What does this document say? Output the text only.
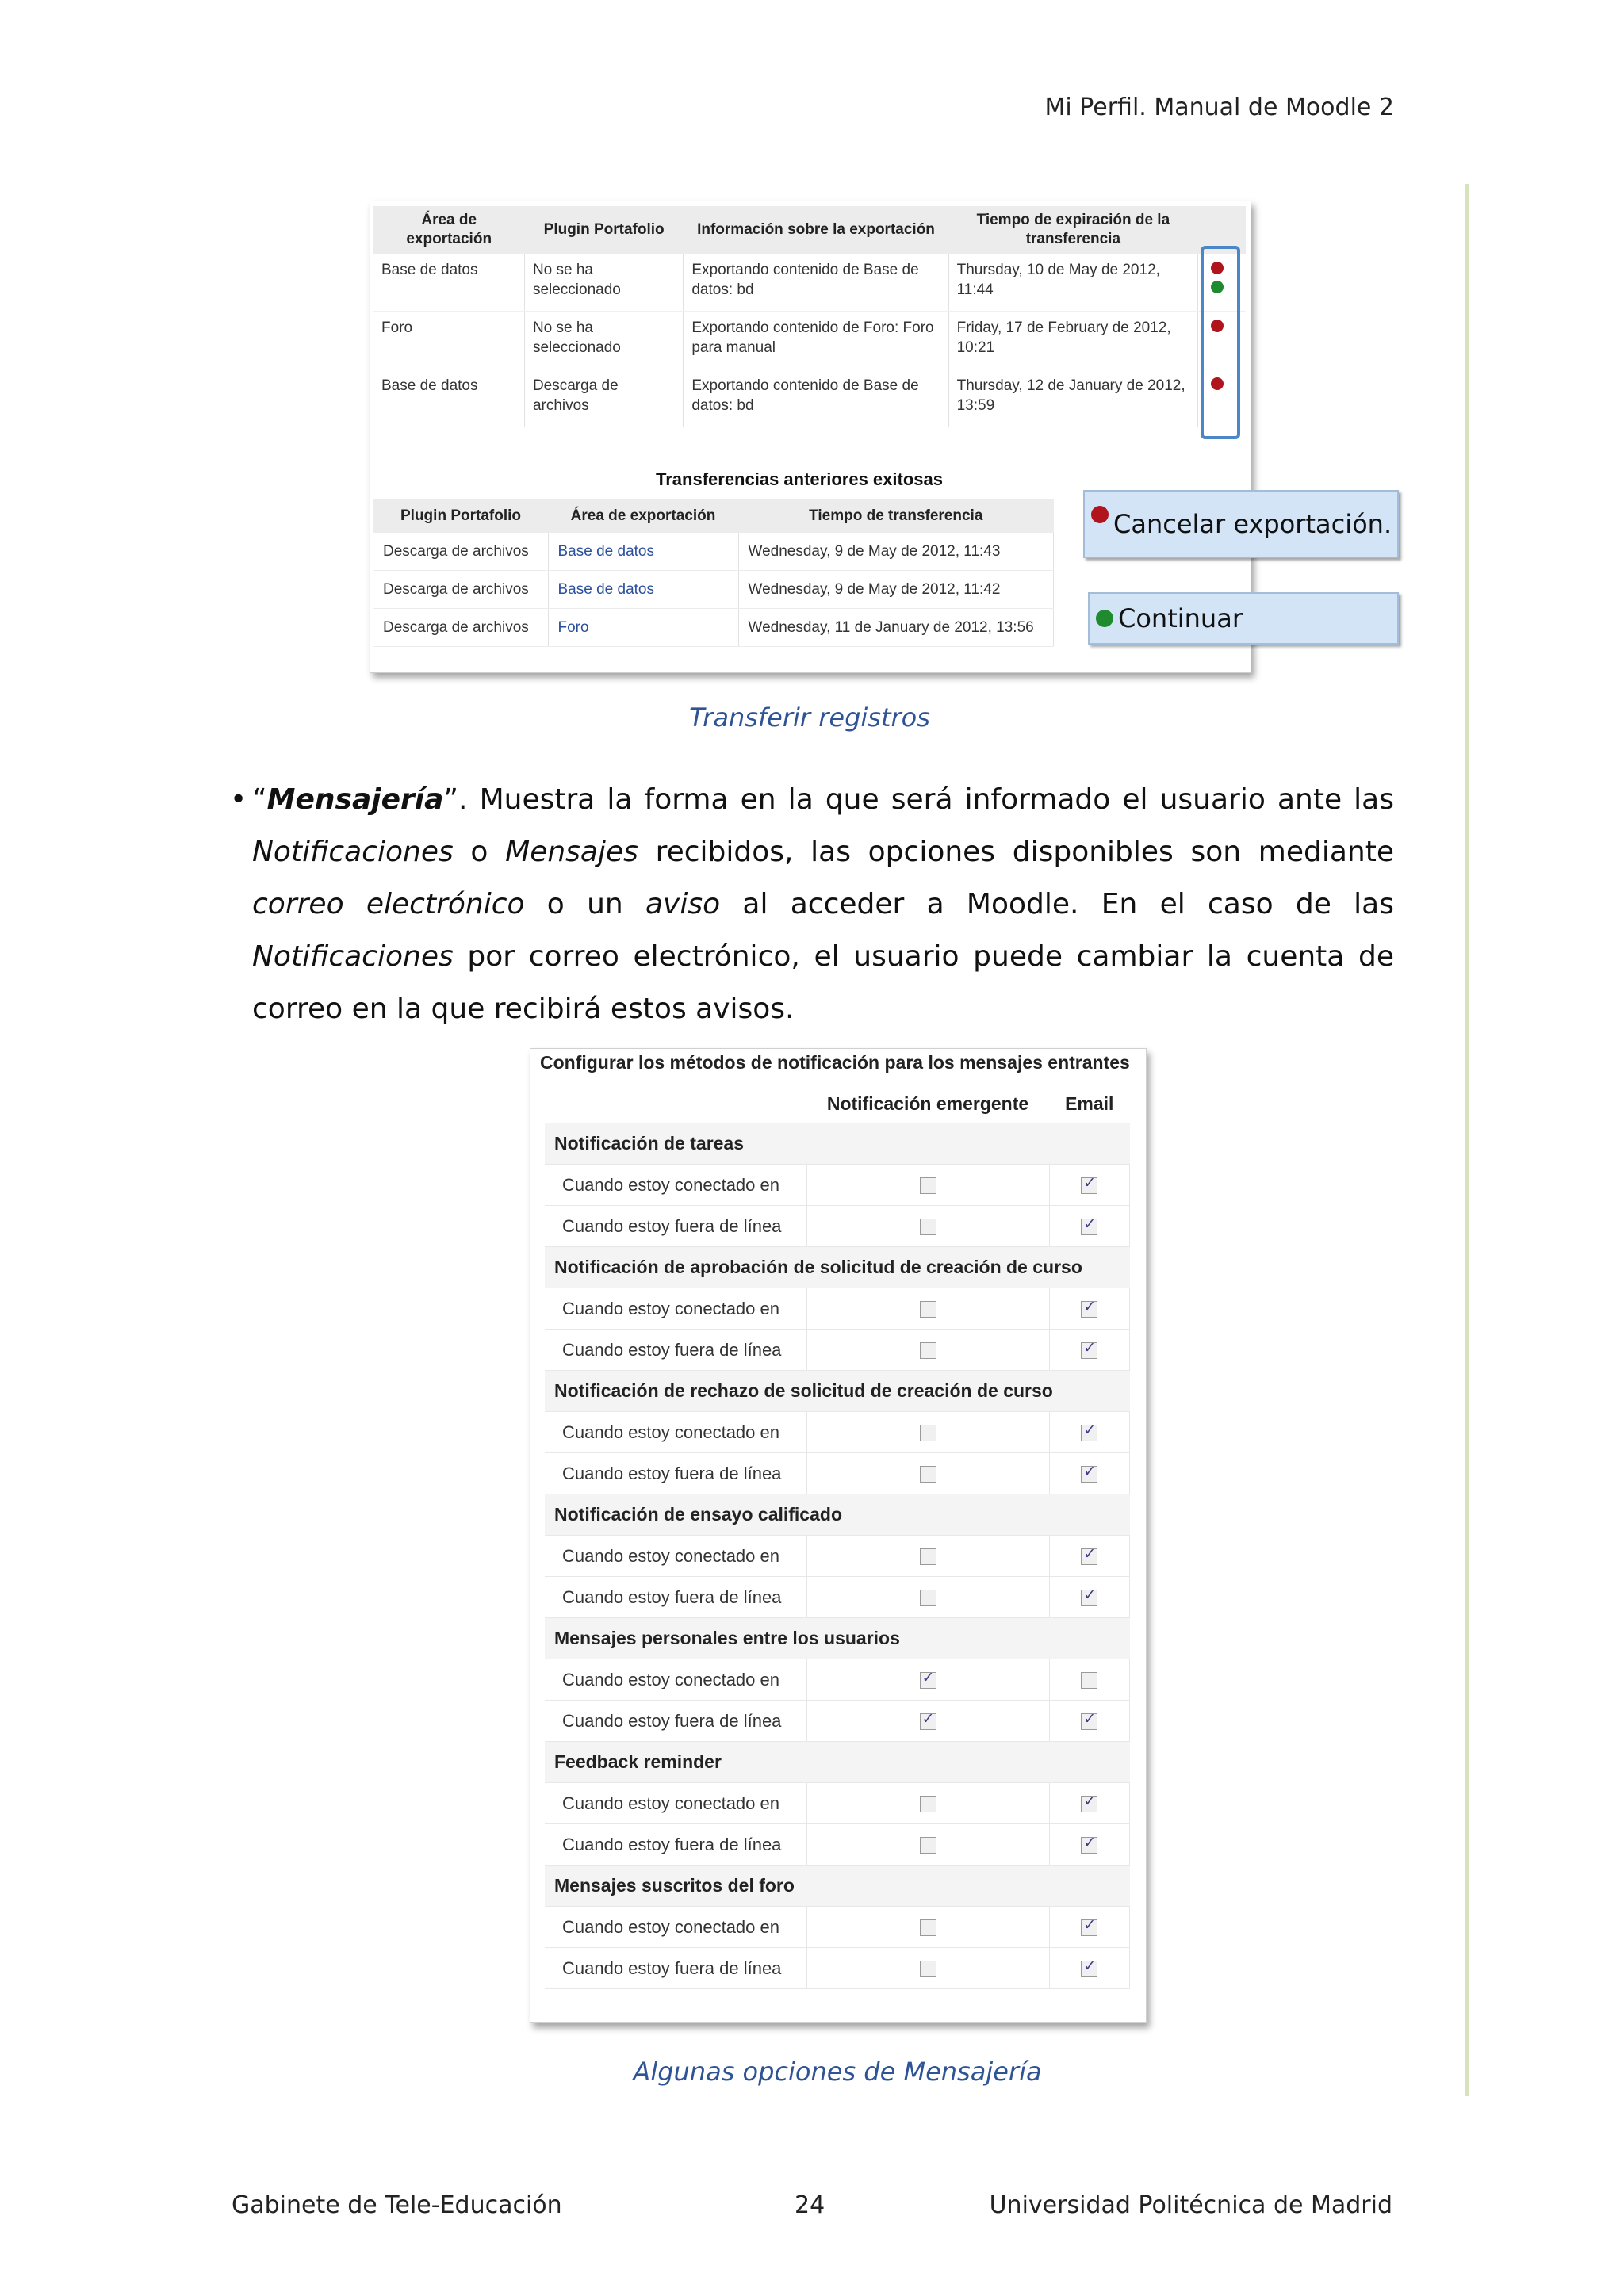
Mi Perfil. Manual de Moodle 2
Área de exportación	Plugin Portafolio	Información sobre la exportación	Tiempo de expiración de la transferencia	
Base de datos	No se ha seleccionado	Exportando contenido de Base de datos: bd	Thursday, 10 de May de 2012, 11:44	

Foro	No se ha seleccionado	Exportando contenido de Foro: Foro para manual	Friday, 17 de February de 2012, 10:21	

Base de datos	Descarga de archivos	Exportando contenido de Base de datos: bd	Thursday, 12 de January de 2012, 13:59	
Transferencias anteriores exitosas
Plugin Portafolio	Área de exportación	Tiempo de transferencia
Descarga de archivos	Base de datos	Wednesday, 9 de May de 2012, 11:43
Descarga de archivos	Base de datos	Wednesday, 9 de May de 2012, 11:42
Descarga de archivos	Foro	Wednesday, 11 de January de 2012, 13:56
Cancelar exportación.
Continuar
Transferir registros
• “Mensajería”. Muestra la forma en la que será informado el usuario ante las Notificaciones o Mensajes recibidos, las opciones disponibles son mediante correo electrónico o un aviso al acceder a Moodle. En el caso de las Notificaciones por correo electrónico, el usuario puede cambiar la cuenta de correo en la que recibirá estos avisos.
Configurar los métodos de notificación para los mensajes entrantes
	Notificación emergente	Email
Notificación de tareas		
Cuando estoy conectado en		✓
Cuando estoy fuera de línea		✓
Notificación de aprobación de solicitud de creación de curso		
Cuando estoy conectado en		✓
Cuando estoy fuera de línea		✓
Notificación de rechazo de solicitud de creación de curso		
Cuando estoy conectado en		✓
Cuando estoy fuera de línea		✓
Notificación de ensayo calificado		
Cuando estoy conectado en		✓
Cuando estoy fuera de línea		✓
Mensajes personales entre los usuarios		
Cuando estoy conectado en	✓	
Cuando estoy fuera de línea	✓	✓
Feedback reminder		
Cuando estoy conectado en		✓
Cuando estoy fuera de línea		✓
Mensajes suscritos del foro		
Cuando estoy conectado en		✓
Cuando estoy fuera de línea		✓
Algunas opciones de Mensajería
Gabinete de Tele-Educación	24	Universidad Politécnica de Madrid
